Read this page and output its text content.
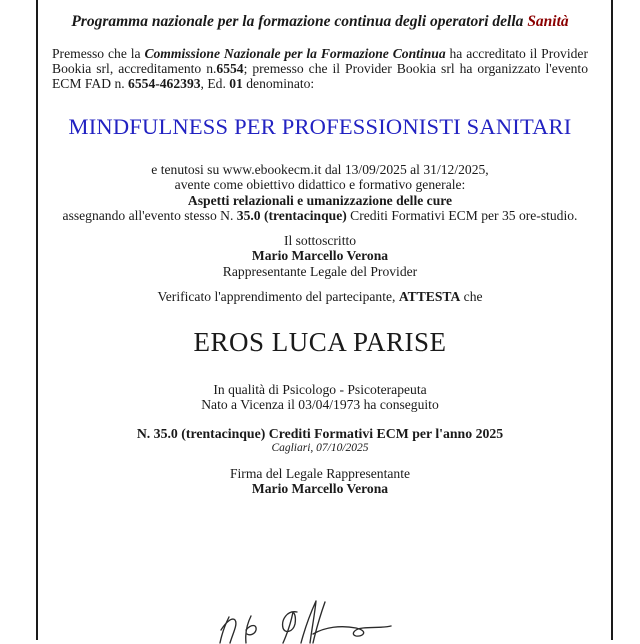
Programma nazionale per la formazione continua degli operatori della Sanità
Premesso che la Commissione Nazionale per la Formazione Continua ha accreditato il Provider Bookia srl, accreditamento n.6554; premesso che il Provider Bookia srl ha organizzato l'evento ECM FAD n. 6554-462393, Ed. 01 denominato:
MINDFULNESS PER PROFESSIONISTI SANITARI
e tenutosi su www.ebookecm.it dal 13/09/2025 al 31/12/2025,
avente come obiettivo didattico e formativo generale:
Aspetti relazionali e umanizzazione delle cure
assegnando all'evento stesso N. 35.0 (trentacinque) Crediti Formativi ECM per 35 ore-studio.
Il sottoscritto
Mario Marcello Verona
Rappresentante Legale del Provider
Verificato l'apprendimento del partecipante, ATTESTA che
EROS LUCA PARISE
In qualità di Psicologo - Psicoterapeuta
Nato a Vicenza il 03/04/1973 ha conseguito
N. 35.0 (trentacinque) Crediti Formativi ECM per l'anno 2025
Cagliari, 07/10/2025
Firma del Legale Rappresentante
Mario Marcello Verona
